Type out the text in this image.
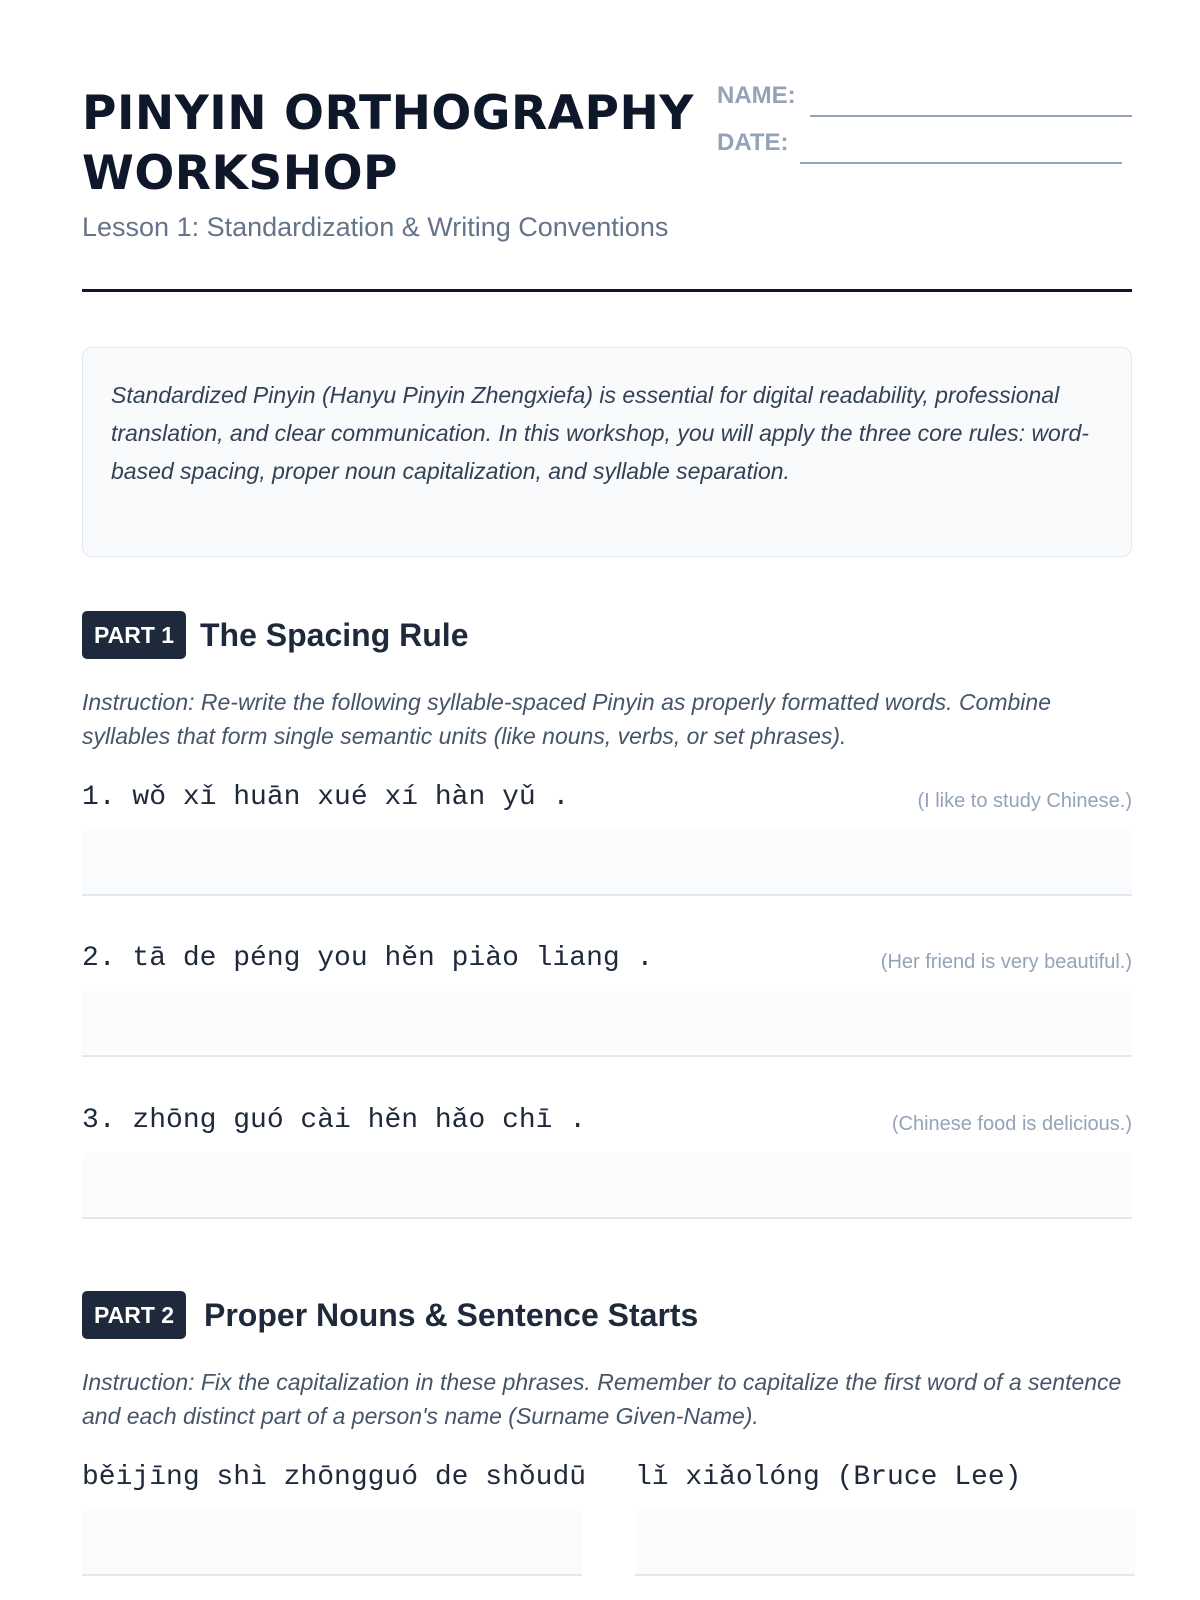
PINYIN ORTHOGRAPHY WORKSHOP
Lesson 1: Standardization & Writing Conventions
NAME:
DATE:
Standardized Pinyin (Hanyu Pinyin Zhengxiefa) is essential for digital readability, professional translation, and clear communication. In this workshop, you will apply the three core rules: word-based spacing, proper noun capitalization, and syllable separation.
PART 1 The Spacing Rule
Instruction: Re-write the following syllable-spaced Pinyin as properly formatted words. Combine syllables that form single semantic units (like nouns, verbs, or set phrases).
1. wǒ xǐ huān xué xí hàn yǔ .	(I like to study Chinese.)
2. tā de péng you hěn piào liang .	(Her friend is very beautiful.)
3. zhōng guó cài hěn hǎo chī .	(Chinese food is delicious.)
PART 2 Proper Nouns & Sentence Starts
Instruction: Fix the capitalization in these phrases. Remember to capitalize the first word of a sentence and each distinct part of a person's name (Surname Given-Name).
běijīng shì zhōngguó de shǒudū lǐ xiǎolóng (Bruce Lee)
